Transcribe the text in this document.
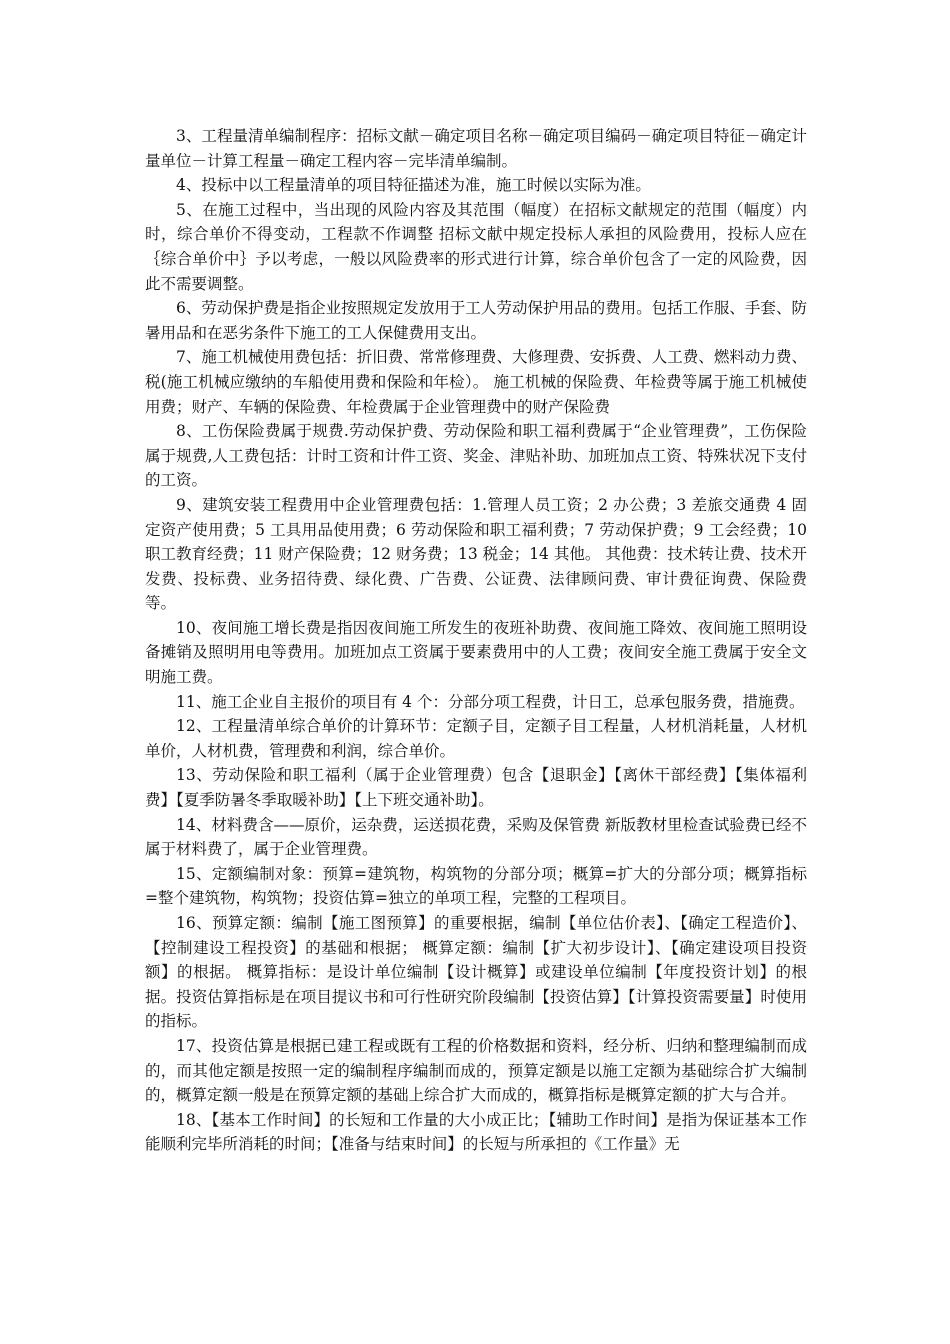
3、工程量清单编制程序：招标文献－确定项目名称－确定项目编码－确定项目特征－确定计量单位－计算工程量－确定工程内容－完毕清单编制。

4、投标中以工程量清单的项目特征描述为准，施工时候以实际为准。

5、在施工过程中，当出现的风险内容及其范围（幅度）在招标文献规定的范围（幅度）内时，综合单价不得变动，工程款不作调整 招标文献中规定投标人承担的风险费用，投标人应在｛综合单价中｝予以考虑，一般以风险费率的形式进行计算，综合单价包含了一定的风险费，因此不需要调整。

6、劳动保护费是指企业按照规定发放用于工人劳动保护用品的费用。包括工作服、手套、防暑用品和在恶劣条件下施工的工人保健费用支出。

7、施工机械使用费包括：折旧费、常常修理费、大修理费、安拆费、人工费、燃料动力费、税(施工机械应缴纳的车船使用费和保险和年检）。 施工机械的保险费、年检费等属于施工机械使用费；财产、车辆的保险费、年检费属于企业管理费中的财产保险费

8、工伤保险费属于规费.劳动保护费、劳动保险和职工福利费属于“企业管理费”，工伤保险属于规费,人工费包括：计时工资和计件工资、奖金、津贴补助、加班加点工资、特殊状况下支付的工资。

9、建筑安装工程费用中企业管理费包括：1.管理人员工资；2 办公费；3 差旅交通费 4 固定资产使用费；5 工具用品使用费；6 劳动保险和职工福利费；7 劳动保护费；9 工会经费；10 职工教育经费；11 财产保险费；12 财务费；13 税金；14 其他。 其他费：技术转让费、技术开发费、投标费、业务招待费、绿化费、广告费、公证费、法律顾问费、审计费征询费、保险费等。

10、夜间施工增长费是指因夜间施工所发生的夜班补助费、夜间施工降效、夜间施工照明设备摊销及照明用电等费用。加班加点工资属于要素费用中的人工费；夜间安全施工费属于安全文明施工费。

11、施工企业自主报价的项目有 4 个：分部分项工程费，计日工，总承包服务费，措施费。

12、工程量清单综合单价的计算环节：定额子目，定额子目工程量，人材机消耗量，人材机单价，人材机费，管理费和利润，综合单价。

13、劳动保险和职工福利（属于企业管理费）包含【退职金】【离休干部经费】【集体福利费】【夏季防暑冬季取暖补助】【上下班交通补助】。

14、材料费含——原价，运杂费，运送损花费，采购及保管费 新版教材里检查试验费已经不属于材料费了，属于企业管理费。

15、定额编制对象：预算=建筑物，构筑物的分部分项；概算=扩大的分部分项；概算指标=整个建筑物，构筑物；投资估算=独立的单项工程，完整的工程项目。

16、预算定额：编制【施工图预算】的重要根据，编制【单位估价表】、【确定工程造价】、【控制建设工程投资】的基础和根据； 概算定额：编制【扩大初步设计】、【确定建设项目投资额】的根据。 概算指标：是设计单位编制【设计概算】或建设单位编制【年度投资计划】的根据。投资估算指标是在项目提议书和可行性研究阶段编制【投资估算】【计算投资需要量】时使用的指标。

17、投资估算是根据已建工程或既有工程的价格数据和资料，经分析、归纳和整理编制而成的，而其他定额是按照一定的编制程序编制而成的，预算定额是以施工定额为基础综合扩大编制的，概算定额一般是在预算定额的基础上综合扩大而成的，概算指标是概算定额的扩大与合并。

18、【基本工作时间】的长短和工作量的大小成正比；【辅助工作时间】是指为保证基本工作能顺利完毕所消耗的时间；【准备与结束时间】的长短与所承担的《工作量》无
